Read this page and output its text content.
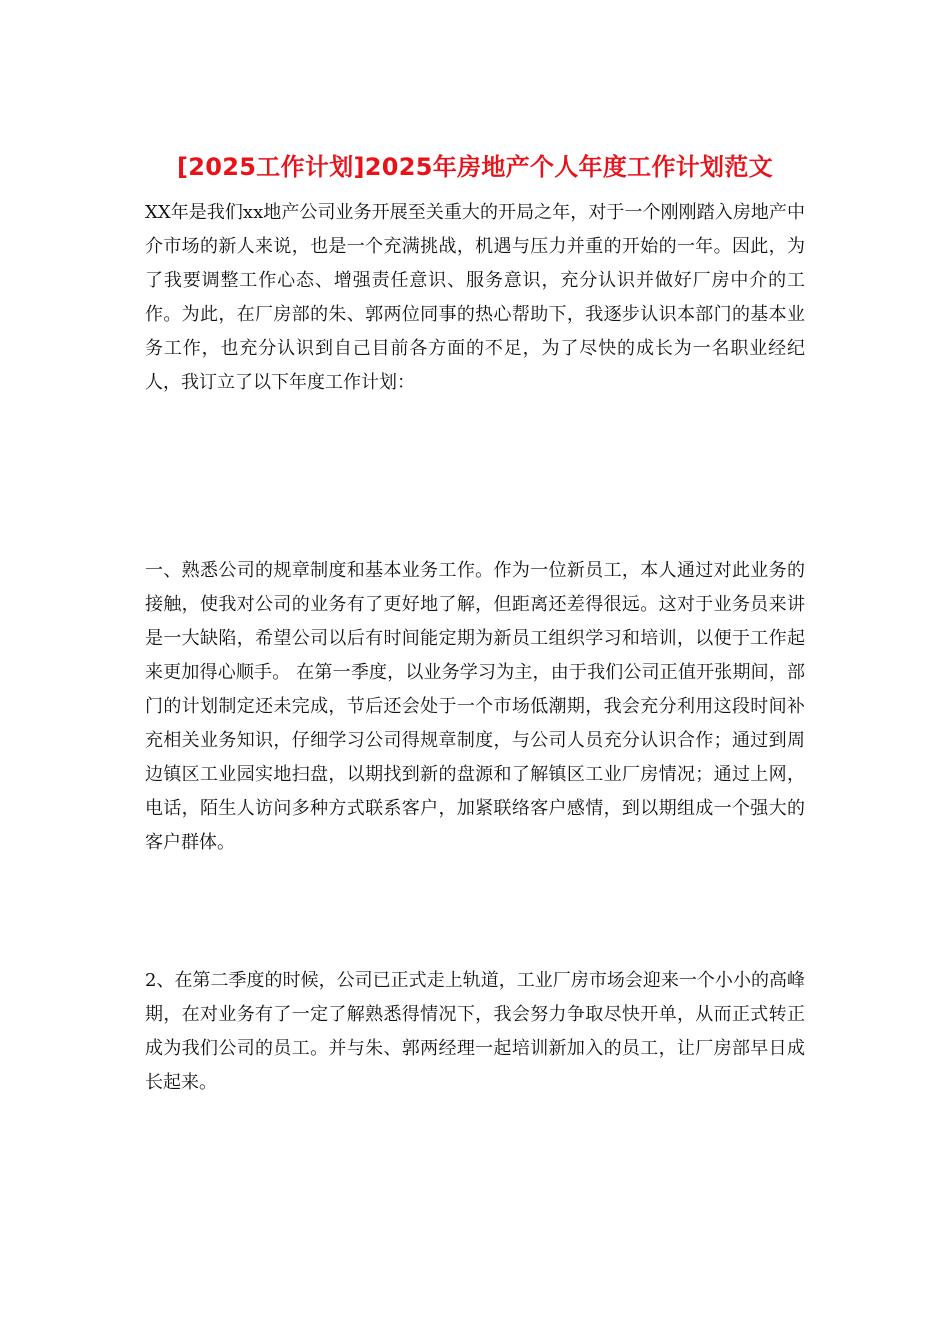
[2025工作计划]2025年房地产个人年度工作计划范文

XX年是我们xx地产公司业务开展至关重大的开局之年，对于一个刚刚踏入房地产中介市场的新人来说，也是一个充满挑战，机遇与压力并重的开始的一年。因此，为了我要调整工作心态、增强责任意识、服务意识，充分认识并做好厂房中介的工作。为此，在厂房部的朱、郭两位同事的热心帮助下，我逐步认识本部门的基本业务工作，也充分认识到自己目前各方面的不足，为了尽快的成长为一名职业经纪人，我订立了以下年度工作计划：

一、熟悉公司的规章制度和基本业务工作。作为一位新员工，本人通过对此业务的接触，使我对公司的业务有了更好地了解，但距离还差得很远。这对于业务员来讲是一大缺陷，希望公司以后有时间能定期为新员工组织学习和培训，以便于工作起来更加得心顺手。 在第一季度，以业务学习为主，由于我们公司正值开张期间，部门的计划制定还未完成，节后还会处于一个市场低潮期，我会充分利用这段时间补充相关业务知识，仔细学习公司得规章制度，与公司人员充分认识合作；通过到周边镇区工业园实地扫盘，以期找到新的盘源和了解镇区工业厂房情况；通过上网，电话，陌生人访问多种方式联系客户，加紧联络客户感情，到以期组成一个强大的客户群体。

2、在第二季度的时候，公司已正式走上轨道，工业厂房市场会迎来一个小小的高峰期，在对业务有了一定了解熟悉得情况下，我会努力争取尽快开单，从而正式转正成为我们公司的员工。并与朱、郭两经理一起培训新加入的员工，让厂房部早日成长起来。
